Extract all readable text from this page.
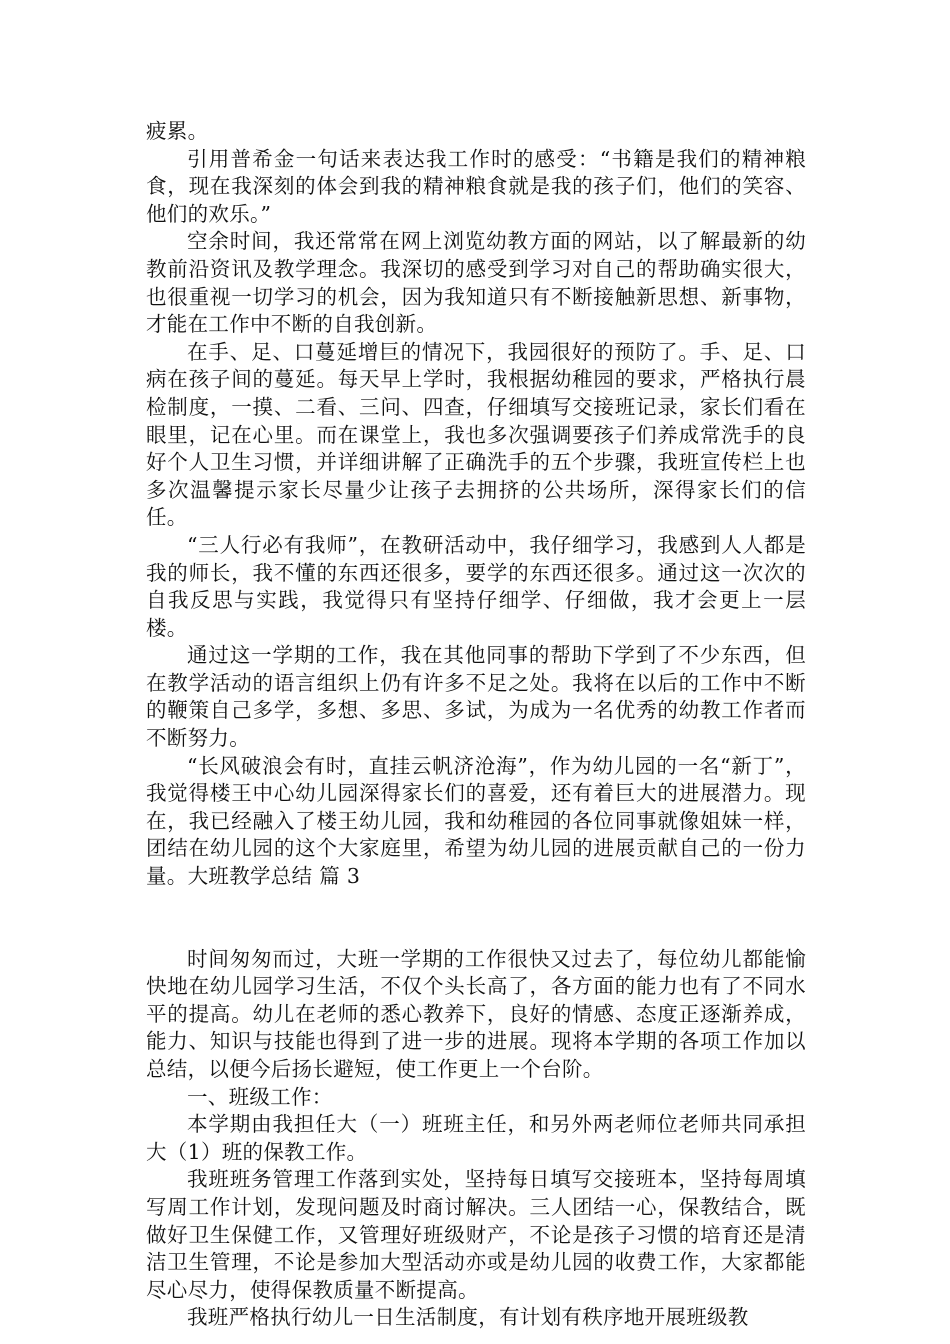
疲累。

引用普希金一句话来表达我工作时的感受：“书籍是我们的精神粮食，现在我深刻的体会到我的精神粮食就是我的孩子们，他们的笑容、他们的欢乐。”

空余时间，我还常常在网上浏览幼教方面的网站，以了解最新的幼教前沿资讯及教学理念。我深切的感受到学习对自己的帮助确实很大，也很重视一切学习的机会，因为我知道只有不断接触新思想、新事物，才能在工作中不断的自我创新。

在手、足、口蔓延增巨的情况下，我园很好的预防了。手、足、口病在孩子间的蔓延。每天早上学时，我根据幼稚园的要求，严格执行晨检制度，一摸、二看、三问、四查，仔细填写交接班记录，家长们看在眼里，记在心里。而在课堂上，我也多次强调要孩子们养成常洗手的良好个人卫生习惯，并详细讲解了正确洗手的五个步骤，我班宣传栏上也多次温馨提示家长尽量少让孩子去拥挤的公共场所，深得家长们的信任。

“三人行必有我师”，在教研活动中，我仔细学习，我感到人人都是我的师长，我不懂的东西还很多，要学的东西还很多。通过这一次次的自我反思与实践，我觉得只有坚持仔细学、仔细做，我才会更上一层楼。

通过这一学期的工作，我在其他同事的帮助下学到了不少东西，但在教学活动的语言组织上仍有许多不足之处。我将在以后的工作中不断的鞭策自己多学，多想、多思、多试，为成为一名优秀的幼教工作者而不断努力。

“长风破浪会有时，直挂云帆济沧海”，作为幼儿园的一名“新丁”，我觉得楼王中心幼儿园深得家长们的喜爱，还有着巨大的进展潜力。现在，我已经融入了楼王幼儿园，我和幼稚园的各位同事就像姐妹一样，团结在幼儿园的这个大家庭里，希望为幼儿园的进展贡献自己的一份力量。大班教学总结 篇 3

时间匆匆而过，大班一学期的工作很快又过去了，每位幼儿都能愉快地在幼儿园学习生活，不仅个头长高了，各方面的能力也有了不同水平的提高。幼儿在老师的悉心教养下，良好的情感、态度正逐渐养成，能力、知识与技能也得到了进一步的进展。现将本学期的各项工作加以总结，以便今后扬长避短，使工作更上一个台阶。

一、班级工作：

本学期由我担任大（一）班班主任，和另外两老师位老师共同承担大（1）班的保教工作。

我班班务管理工作落到实处，坚持每日填写交接班本，坚持每周填写周工作计划，发现问题及时商讨解决。三人团结一心，保教结合，既做好卫生保健工作，又管理好班级财产，不论是孩子习惯的培育还是清洁卫生管理，不论是参加大型活动亦或是幼儿园的收费工作，大家都能尽心尽力，使得保教质量不断提高。

我班严格执行幼儿一日生活制度，有计划有秩序地开展班级教
